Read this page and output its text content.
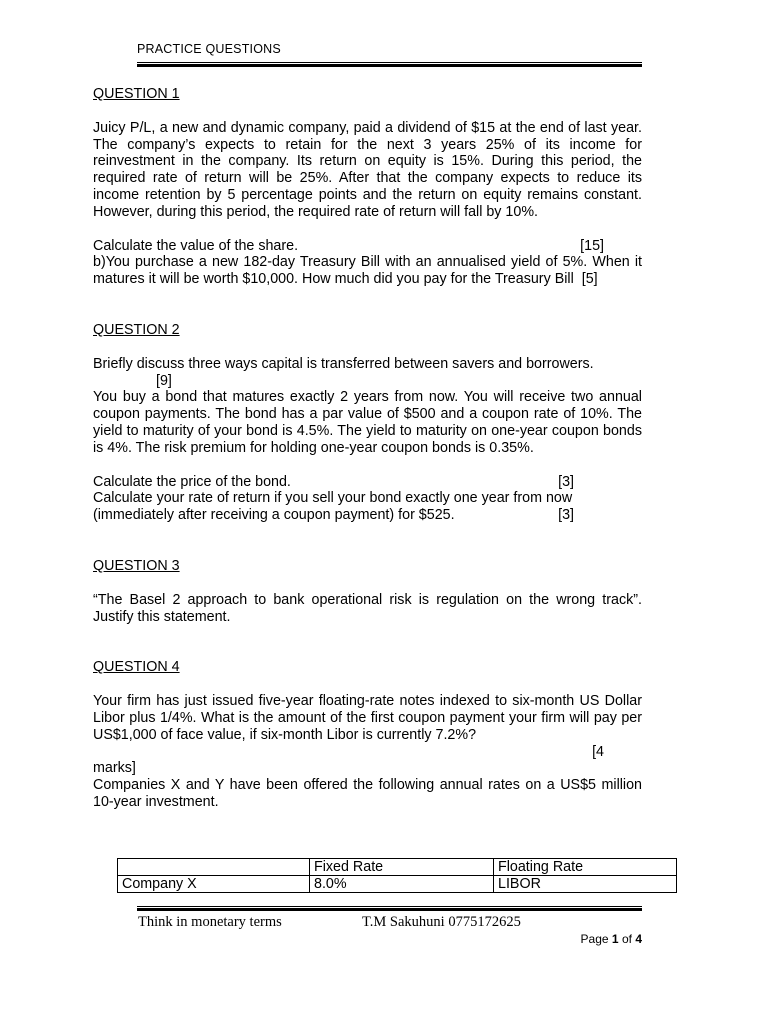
PRACTICE QUESTIONS
QUESTION 1

Juicy P/L, a new and dynamic company, paid a dividend of $15 at the end of last year. The company’s expects to retain for the next 3 years 25% of its income for reinvestment in the company. Its return on equity is 15%. During this period, the required rate of return will be 25%. After that the company expects to reduce its income retention by 5 percentage points and the return on equity remains constant. However, during this period, the required rate of return will fall by 10%.

Calculate the value of the share.	[15]

b)You purchase a new 182-day Treasury Bill with an annualised yield of 5%. When it matures it will be worth $10,000. How much did you pay for the Treasury Bill [5]

QUESTION 2

Briefly discuss three ways capital is transferred between savers and borrowers.

[9]

You buy a bond that matures exactly 2 years from now. You will receive two annual coupon payments. The bond has a par value of $500 and a coupon rate of 10%. The yield to maturity of your bond is 4.5%. The yield to maturity on one-year coupon bonds is 4%. The risk premium for holding one-year coupon bonds is 0.35%.

Calculate the price of the bond.	[3]
Calculate your rate of return if you sell your bond exactly one year from now
(immediately after receiving a coupon payment) for $525.	[3]
QUESTION 3

“The Basel 2 approach to bank operational risk is regulation on the wrong track”. Justify this statement.

QUESTION 4

Your firm has just issued five-year floating-rate notes indexed to six-month US Dollar Libor plus 1/4%. What is the amount of the first coupon payment your firm will pay per US$1,000 of face value, if six-month Libor is currently 7.2%?

[4
marks]

Companies X and Y have been offered the following annual rates on a US$5 million 10-year investment.

	Fixed Rate	Floating Rate
Company X	8.0%	LIBOR
Think in monetary terms	T.M Sakuhuni 0775172625
Page 1 of 4
